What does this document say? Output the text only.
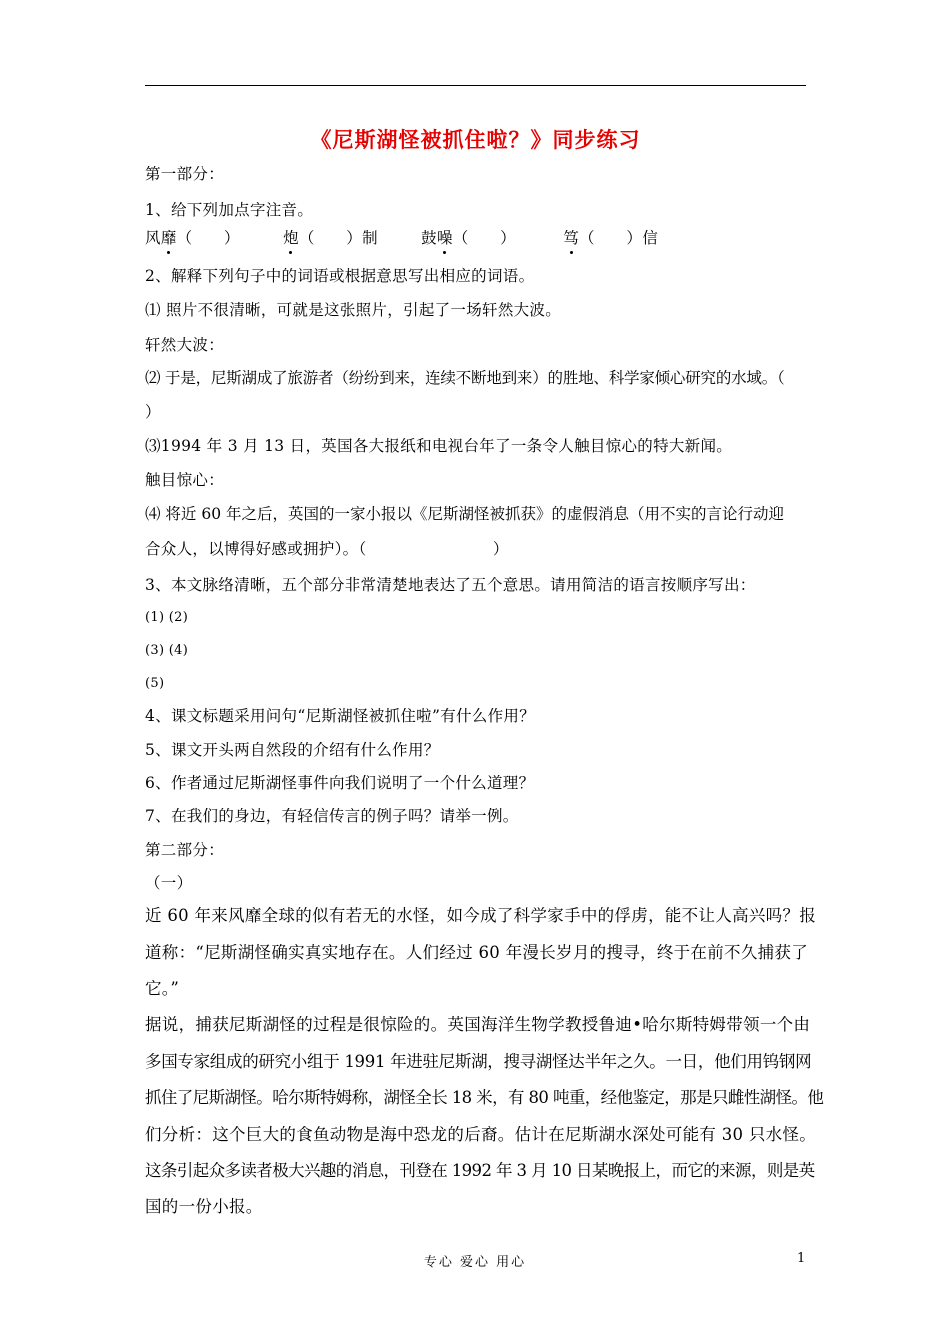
《尼斯湖怪被抓住啦？》同步练习
第一部分：
1、给下列加点字注音。
风靡（　　）	炮（　　）制	鼓噪（　　）	笃（　　）信
2、解释下列句子中的词语或根据意思写出相应的词语。
⑴ 照片不很清晰，可就是这张照片，引起了一场轩然大波。
轩然大波：
⑵ 于是，尼斯湖成了旅游者（纷纷到来，连续不断地到来）的胜地、科学家倾心研究的水域。（
）
⑶1994 年 3 月 13 日，英国各大报纸和电视台年了一条令人触目惊心的特大新闻。
触目惊心：
⑷ 将近 60 年之后，英国的一家小报以《尼斯湖怪被抓获》的虚假消息（用不实的言论行动迎
合众人，以博得好感或拥护）。（　　　　　　　　）
3、本文脉络清晰，五个部分非常清楚地表达了五个意思。请用简洁的语言按顺序写出：
(1) (2)
(3) (4)
(5)
4、课文标题采用问句“尼斯湖怪被抓住啦”有什么作用？
5、课文开头两自然段的介绍有什么作用？
6、作者通过尼斯湖怪事件向我们说明了一个什么道理？
7、在我们的身边，有轻信传言的例子吗？请举一例。
第二部分：
（一）
近 60 年来风靡全球的似有若无的水怪，如今成了科学家手中的俘虏，能不让人高兴吗？报
道称：“尼斯湖怪确实真实地存在。人们经过 60 年漫长岁月的搜寻，终于在前不久捕获了
它。”
据说，捕获尼斯湖怪的过程是很惊险的。英国海洋生物学教授鲁迪•哈尔斯特姆带领一个由
多国专家组成的研究小组于 1991 年进驻尼斯湖，搜寻湖怪达半年之久。一日，他们用钨钢网
抓住了尼斯湖怪。哈尔斯特姆称，湖怪全长 18 米，有 80 吨重，经他鉴定，那是只雌性湖怪。他
们分析：这个巨大的食鱼动物是海中恐龙的后裔。估计在尼斯湖水深处可能有 30 只水怪。
这条引起众多读者极大兴趣的消息，刊登在 1992 年 3 月 10 日某晚报上，而它的来源，则是英
国的一份小报。
专心 爱心 用心	1
